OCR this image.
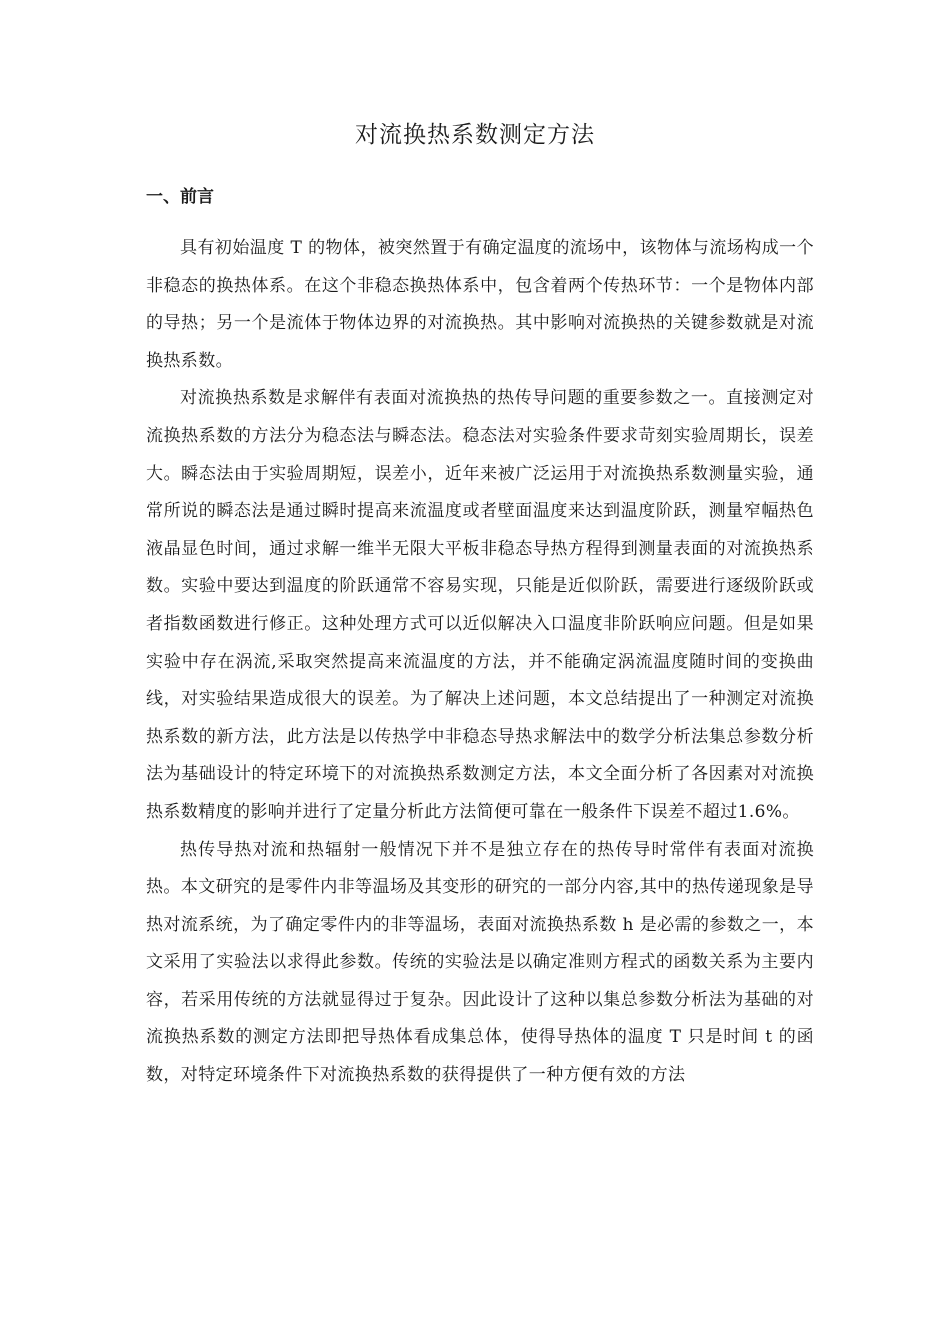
对流换热系数测定方法
一、前言

具有初始温度 T 的物体，被突然置于有确定温度的流场中，该物体与流场构成一个非稳态的换热体系。在这个非稳态换热体系中，包含着两个传热环节：一个是物体内部的导热；另一个是流体于物体边界的对流换热。其中影响对流换热的关键参数就是对流换热系数。

对流换热系数是求解伴有表面对流换热的热传导问题的重要参数之一。直接测定对流换热系数的方法分为稳态法与瞬态法。稳态法对实验条件要求苛刻实验周期长，误差大。瞬态法由于实验周期短，误差小，近年来被广泛运用于对流换热系数测量实验，通常所说的瞬态法是通过瞬时提高来流温度或者壁面温度来达到温度阶跃，测量窄幅热色液晶显色时间，通过求解一维半无限大平板非稳态导热方程得到测量表面的对流换热系数。实验中要达到温度的阶跃通常不容易实现，只能是近似阶跃，需要进行逐级阶跃或者指数函数进行修正。这种处理方式可以近似解决入口温度非阶跃响应问题。但是如果实验中存在涡流,采取突然提高来流温度的方法，并不能确定涡流温度随时间的变换曲线，对实验结果造成很大的误差。为了解决上述问题，本文总结提出了一种测定对流换热系数的新方法，此方法是以传热学中非稳态导热求解法中的数学分析法集总参数分析法为基础设计的特定环境下的对流换热系数测定方法，本文全面分析了各因素对对流换热系数精度的影响并进行了定量分析此方法简便可靠在一般条件下误差不超过1.6%。

热传导热对流和热辐射一般情况下并不是独立存在的热传导时常伴有表面对流换热。本文研究的是零件内非等温场及其变形的研究的一部分内容,其中的热传递现象是导热对流系统，为了确定零件内的非等温场，表面对流换热系数 h 是必需的参数之一，本文采用了实验法以求得此参数。传统的实验法是以确定准则方程式的函数关系为主要内容，若采用传统的方法就显得过于复杂。因此设计了这种以集总参数分析法为基础的对流换热系数的测定方法即把导热体看成集总体，使得导热体的温度 T 只是时间 t 的函数，对特定环境条件下对流换热系数的获得提供了一种方便有效的方法
